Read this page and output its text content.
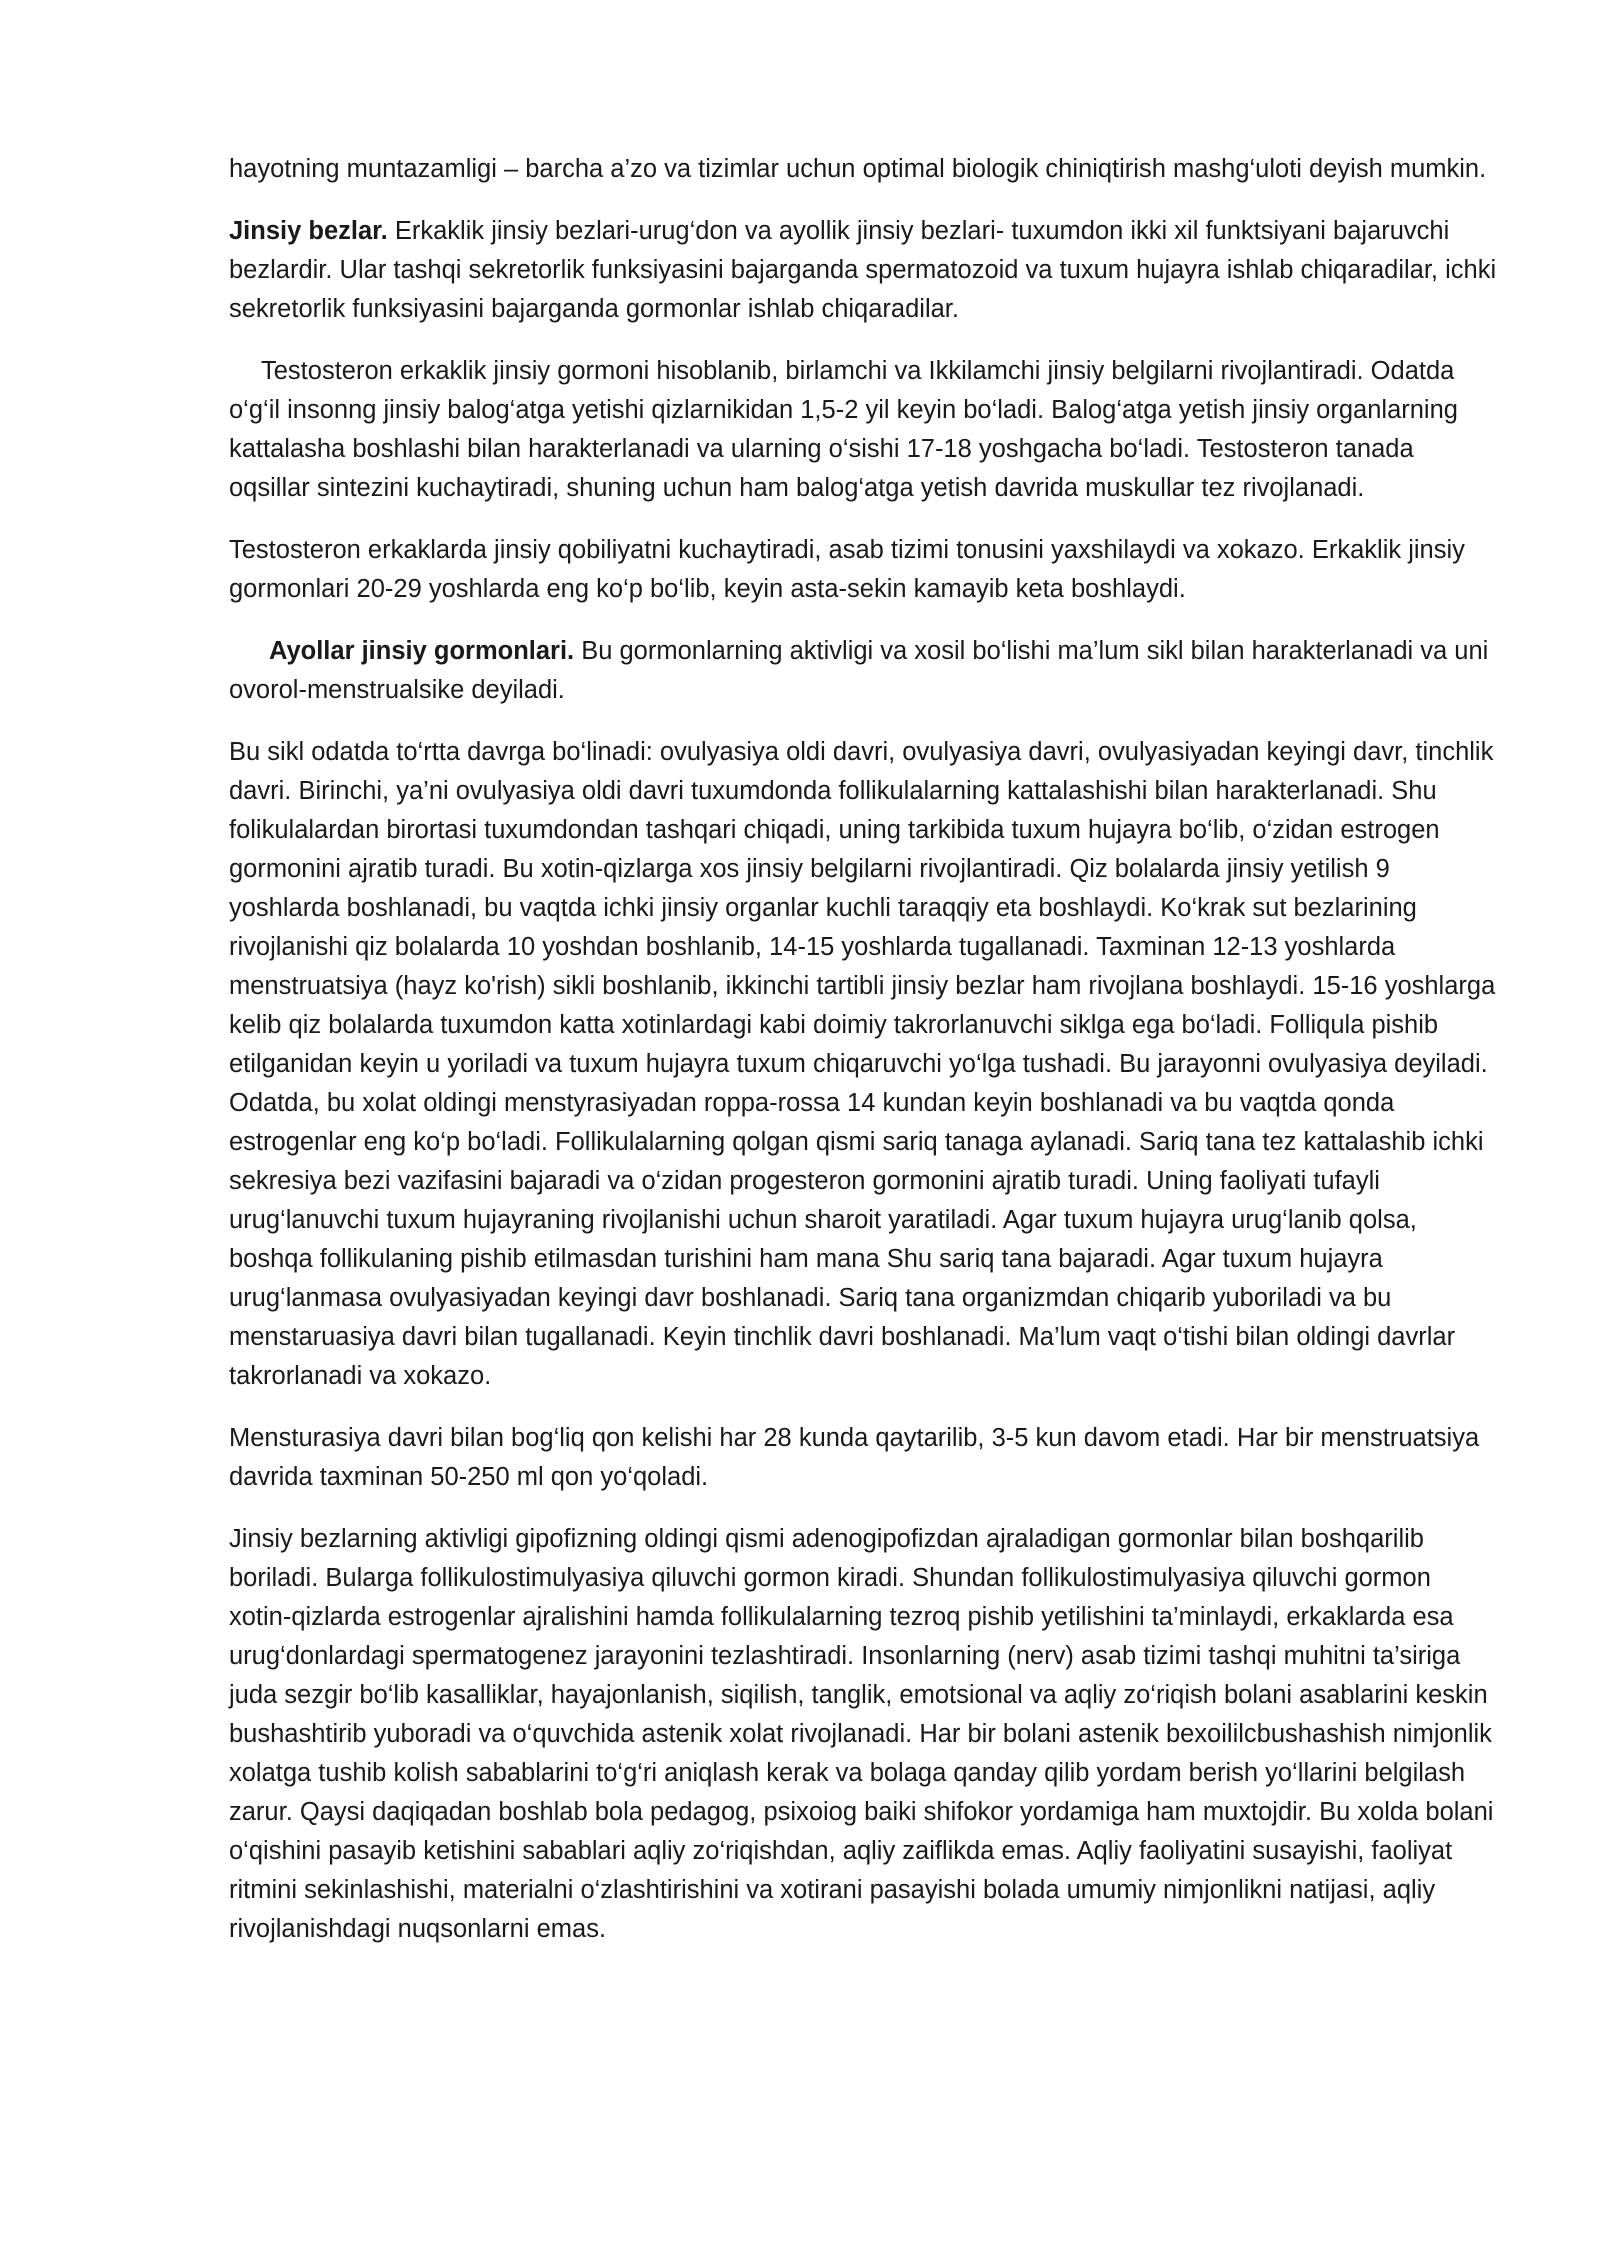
hayotning muntazamligi – barcha a’zo va tizimlar uchun optimal biologik chiniqtirish mashg‘uloti deyish mumkin.

Jinsiy bezlar. Erkaklik jinsiy bezlari-urug‘don va ayollik jinsiy bezlari- tuxumdon ikki xil funktsiyani bajaruvchi bezlardir. Ular tashqi sekretorlik funksiyasini bajarganda spermatozoid va tuxum hujayra ishlab chiqaradilar, ichki sekretorlik funksiyasini bajarganda gormonlar ishlab chiqaradilar.

Testosteron erkaklik jinsiy gormoni hisoblanib, birlamchi va Ikkilamchi jinsiy belgilarni rivojlantiradi. Odatda o‘g‘il insonng jinsiy balog‘atga yetishi qizlarnikidan 1,5-2 yil keyin bo‘ladi. Balog‘atga yetish jinsiy organlarning kattalasha boshlashi bilan harakterlanadi va ularning o‘sishi 17-18 yoshgacha bo‘ladi. Testosteron tanada oqsillar sintezini kuchaytiradi, shuning uchun ham balog‘atga yetish davrida muskullar tez rivojlanadi.

Testosteron erkaklarda jinsiy qobiliyatni kuchaytiradi, asab tizimi tonusini yaxshilaydi va xokazo. Erkaklik jinsiy gormonlari 20-29 yoshlarda eng ko‘p bo‘lib, keyin asta-sekin kamayib keta boshlaydi.

Ayollar jinsiy gormonlari. Bu gormonlarning aktivligi va xosil bo‘lishi ma’lum sikl bilan harakterlanadi va uni ovorol-menstrualsike deyiladi.

Bu sikl odatda to‘rtta davrga bo‘linadi: ovulyasiya oldi davri, ovulyasiya davri, ovulyasiyadan keyingi davr, tinchlik davri. Birinchi, ya’ni ovulyasiya oldi davri tuxumdonda follikulalarning kattalashishi bilan harakterlanadi. Shu folikulalardan birortasi tuxumdondan tashqari chiqadi, uning tarkibida tuxum hujayra bo‘lib, o‘zidan estrogen gormonini ajratib turadi. Bu xotin-qizlarga xos jinsiy belgilarni rivojlantiradi. Qiz bolalarda jinsiy yetilish 9 yoshlarda boshlanadi, bu vaqtda ichki jinsiy organlar kuchli taraqqiy eta boshlaydi. Ko‘krak sut bezlarining rivojlanishi qiz bolalarda 10 yoshdan boshlanib, 14-15 yoshlarda tugallanadi. Taxminan 12-13 yoshlarda menstruatsiya (hayz ko'rish) sikli boshlanib, ikkinchi tartibli jinsiy bezlar ham rivojlana boshlaydi. 15-16 yoshlarga kelib qiz bolalarda tuxumdon katta xotinlardagi kabi doimiy takrorlanuvchi siklga ega bo‘ladi. Folliqula pishib etilganidan keyin u yoriladi va tuxum hujayra tuxum chiqaruvchi yo‘lga tushadi. Bu jarayonni ovulyasiya deyiladi. Odatda, bu xolat oldingi menstyrasiyadan roppa-rossa 14 kundan keyin boshlanadi va bu vaqtda qonda estrogenlar eng ko‘p bo‘ladi. Follikulalarning qolgan qismi sariq tanaga aylanadi. Sariq tana tez kattalashib ichki sekresiya bezi vazifasini bajaradi va o‘zidan progesteron gormonini ajratib turadi. Uning faoliyati tufayli urug‘lanuvchi tuxum hujayraning rivojlanishi uchun sharoit yaratiladi. Agar tuxum hujayra urug‘lanib qolsa, boshqa follikulaning pishib etilmasdan turishini ham mana Shu sariq tana bajaradi. Agar tuxum hujayra urug‘lanmasa ovulyasiyadan keyingi davr boshlanadi. Sariq tana organizmdan chiqarib yuboriladi va bu menstaruasiya davri bilan tugallanadi. Keyin tinchlik davri boshlanadi. Ma’lum vaqt o‘tishi bilan oldingi davrlar takrorlanadi va xokazo.

Mensturasiya davri bilan bog‘liq qon kelishi har 28 kunda qaytarilib, 3-5 kun davom etadi. Har bir menstruatsiya davrida taxminan 50-250 ml qon yo‘qoladi.

Jinsiy bezlarning aktivligi gipofizning oldingi qismi adenogipofizdan ajraladigan gormonlar bilan boshqarilib boriladi. Bularga follikulostimulyasiya qiluvchi gormon kiradi. Shundan follikulostimulyasiya qiluvchi gormon xotin-qizlarda estrogenlar ajralishini hamda follikulalarning tezroq pishib yetilishini ta’minlaydi, erkaklarda esa urug‘donlardagi spermatogenez jarayonini tezlashtiradi. Insonlarning (nerv) asab tizimi tashqi muhitni ta’siriga juda sezgir bo‘lib kasalliklar, hayajonlanish, siqilish, tanglik, emotsional va aqliy zo‘riqish bolani asablarini keskin bushashtirib yuboradi va o‘quvchida astenik xolat rivojlanadi. Har bir bolani astenik bexoililcbushashish nimjonlik xolatga tushib kolish sabablarini to‘g‘ri aniqlash kerak va bolaga qanday qilib yordam berish yo‘llarini belgilash zarur. Qaysi daqiqadan boshlab bola pedagog, psixoiog baiki shifokor yordamiga ham muxtojdir. Bu xolda bolani o‘qishini pasayib ketishini sabablari aqliy zo‘riqishdan, aqliy zaiflikda emas. Aqliy faoliyatini susayishi, faoliyat ritmini sekinlashishi, materialni o‘zlashtirishini va xotirani pasayishi bolada umumiy nimjonlikni natijasi, aqliy rivojlanishdagi nuqsonlarni emas.
